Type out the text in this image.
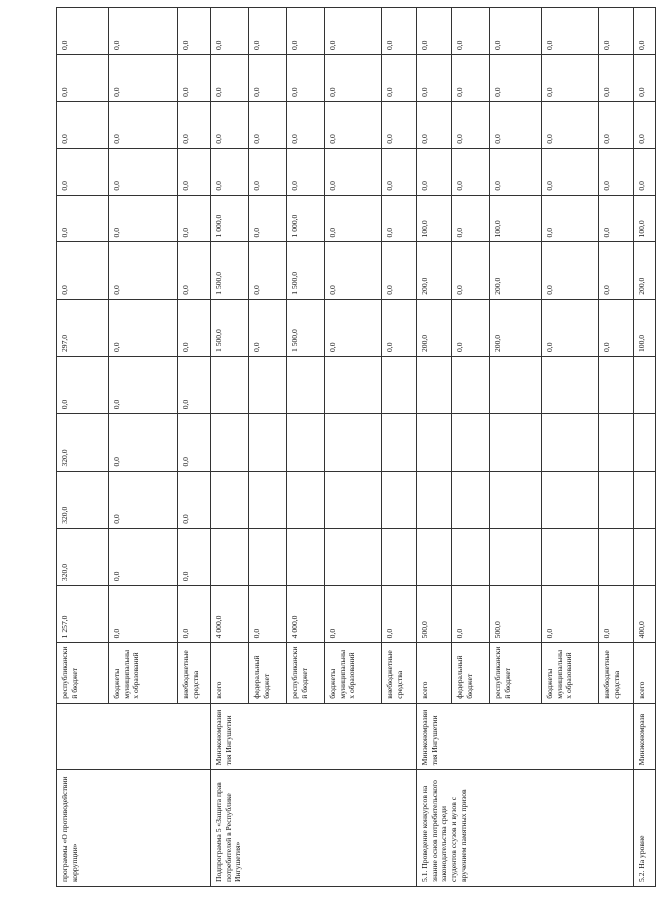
программы «О противодействии коррупции»		республиканский бюджет	1 257,0	320,0	320,0	320,0	0,0	297,0	0,0	0,0	0,0	0,0	0,0	0,0
		бюджеты муниципальных образований	0,0	0,0	0,0	0,0	0,0	0,0	0,0	0,0	0,0	0,0	0,0	0,0
		внебюджетные средства	0,0	0,0	0,0	0,0	0,0	0,0	0,0	0,0	0,0	0,0	0,0	0,0
Подпрограмма 5 «Защита прав потребителей в Республике Ингушетия»	Минэкономразвития Ингушетии	всего	4 000,0					1 500,0	1 500,0	1 000,0	0,0	0,0	0,0	0,0
		федеральный бюджет	0,0					0,0	0,0	0,0	0,0	0,0	0,0	0,0
		республиканский бюджет	4 000,0					1 500,0	1 500,0	1 000,0	0,0	0,0	0,0	0,0
		бюджеты муниципальных образований	0,0					0,0	0,0	0,0	0,0	0,0	0,0	0,0
		внебюджетные средства	0,0					0,0	0,0	0,0	0,0	0,0	0,0	0,0
5.1. Проведение конкурсов на знание основ потребительского законодательства среди студентов ссузов и вузов с вручением памятных призов	Минэкономразвития Ингушетии	всего	500,0					200,0	200,0	100,0	0,0	0,0	0,0	0,0
		федеральный бюджет	0,0					0,0	0,0	0,0	0,0	0,0	0,0	0,0
		республиканский бюджет	500,0					200,0	200,0	100,0	0,0	0,0	0,0	0,0
		бюджеты муниципальных образований	0,0					0,0	0,0	0,0	0,0	0,0	0,0	0,0
		внебюджетные средства	0,0					0,0	0,0	0,0	0,0	0,0	0,0	0,0
5.2. На уровне	Минэкономразв	всего	400,0					100,0	200,0	100,0	0,0	0,0	0,0	0,0
